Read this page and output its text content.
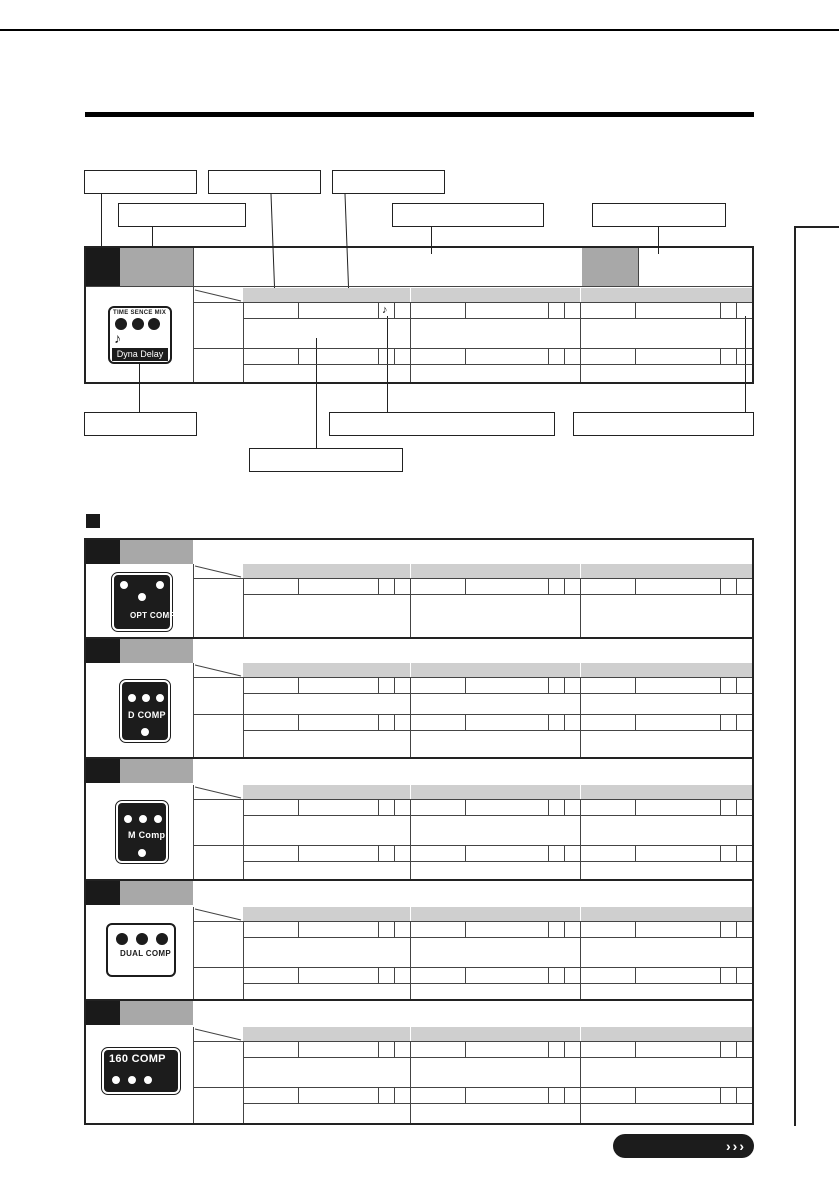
♪
TIME SENCE MIX
♪
Dyna Delay
OPT COMP
D COMP
M Comp
DUAL COMP
160 COMP
›››
